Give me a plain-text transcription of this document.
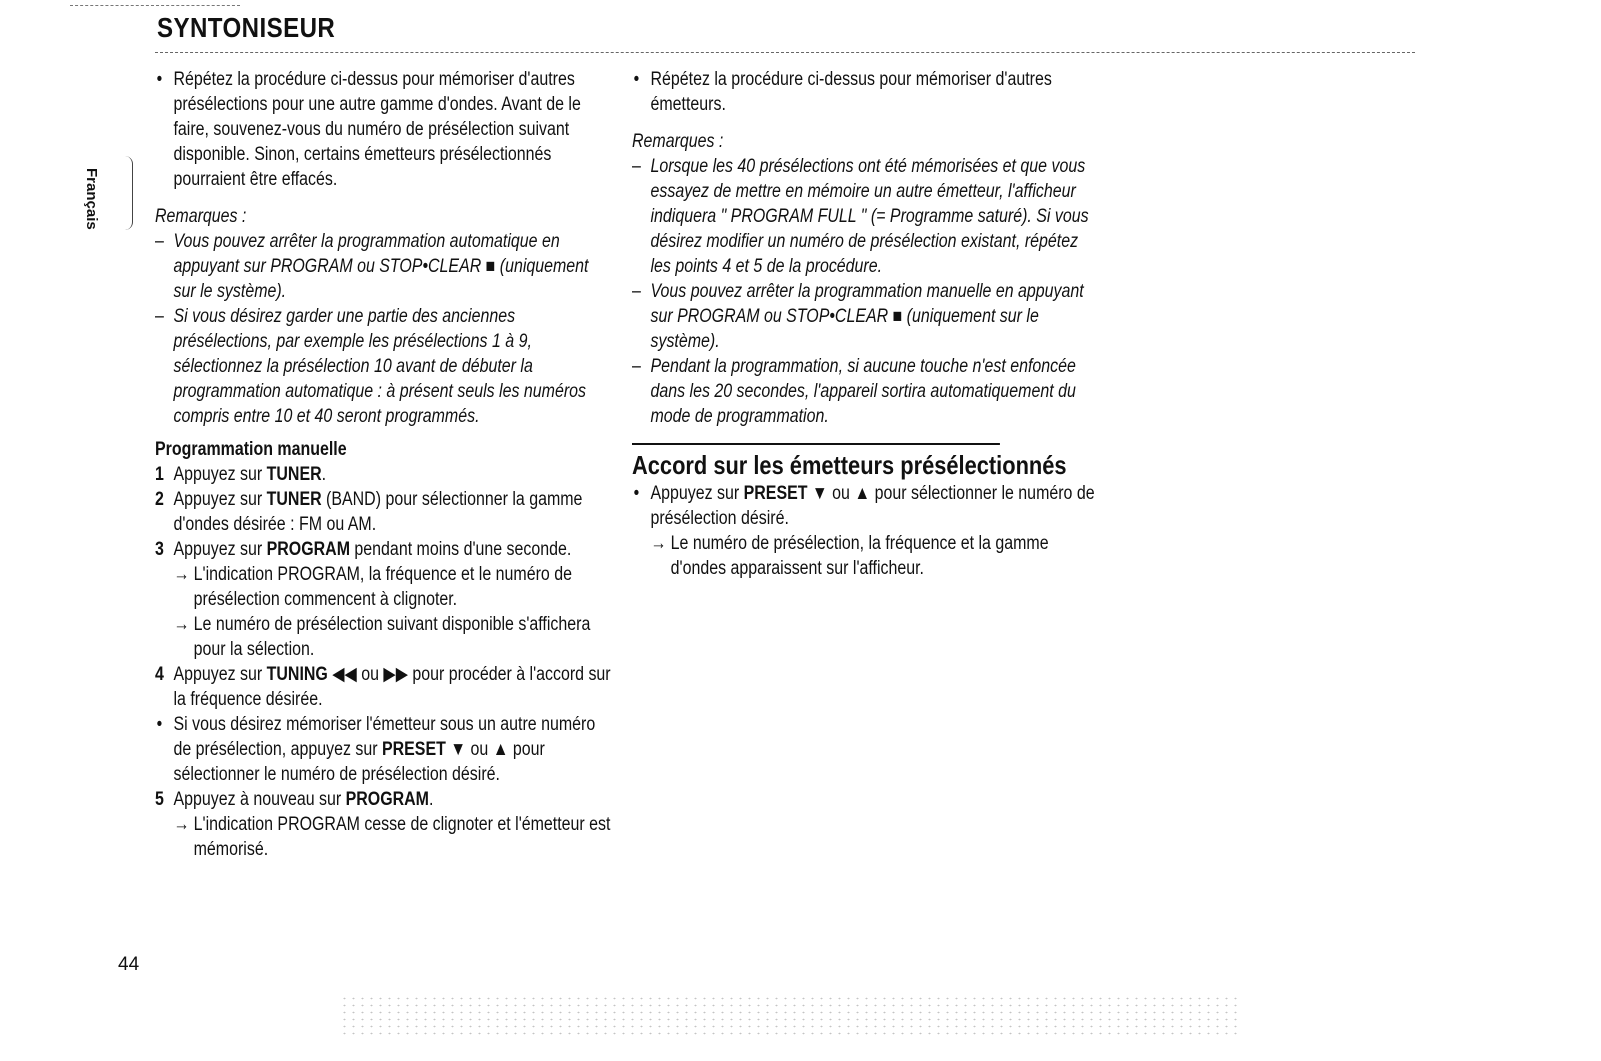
SYNTONISEUR
Français
• Répétez la procédure ci-dessus pour mémoriser d'autres présélections pour une autre gamme d'ondes. Avant de le faire, souvenez-vous du numéro de présélection suivant disponible. Sinon, certains émetteurs présélectionnés pourraient être effacés.
Remarques :
– Vous pouvez arrêter la programmation automatique en appuyant sur PROGRAM ou STOP•CLEAR ■ (uniquement sur le système).
– Si vous désirez garder une partie des anciennes présélections, par exemple les présélections 1 à 9, sélectionnez la présélection 10 avant de débuter la programmation automatique : à présent seuls les numéros compris entre 10 et 40 seront programmés.
Programmation manuelle
1 Appuyez sur TUNER.
2 Appuyez sur TUNER (BAND) pour sélectionner la gamme d'ondes désirée : FM ou AM.
3 Appuyez sur PROGRAM pendant moins d'une seconde.
→ L'indication PROGRAM, la fréquence et le numéro de présélection commencent à clignoter.
→ Le numéro de présélection suivant disponible s'affichera pour la sélection.
4 Appuyez sur TUNING ◀◀ ou ▶▶ pour procéder à l'accord sur la fréquence désirée.
• Si vous désirez mémoriser l'émetteur sous un autre numéro de présélection, appuyez sur PRESET ▼ ou ▲ pour sélectionner le numéro de présélection désiré.
5 Appuyez à nouveau sur PROGRAM.
→ L'indication PROGRAM cesse de clignoter et l'émetteur est mémorisé.
• Répétez la procédure ci-dessus pour mémoriser d'autres émetteurs.
Remarques :
– Lorsque les 40 présélections ont été mémorisées et que vous essayez de mettre en mémoire un autre émetteur, l'afficheur indiquera " PROGRAM FULL " (= Programme saturé). Si vous désirez modifier un numéro de présélection existant, répétez les points 4 et 5 de la procédure.
– Vous pouvez arrêter la programmation manuelle en appuyant sur PROGRAM ou STOP•CLEAR ■ (uniquement sur le système).
– Pendant la programmation, si aucune touche n'est enfoncée dans les 20 secondes, l'appareil sortira automatiquement du mode de programmation.
Accord sur les émetteurs présélectionnés
• Appuyez sur PRESET ▼ ou ▲ pour sélectionner le numéro de présélection désiré.
→ Le numéro de présélection, la fréquence et la gamme d'ondes apparaissent sur l'afficheur.
44
